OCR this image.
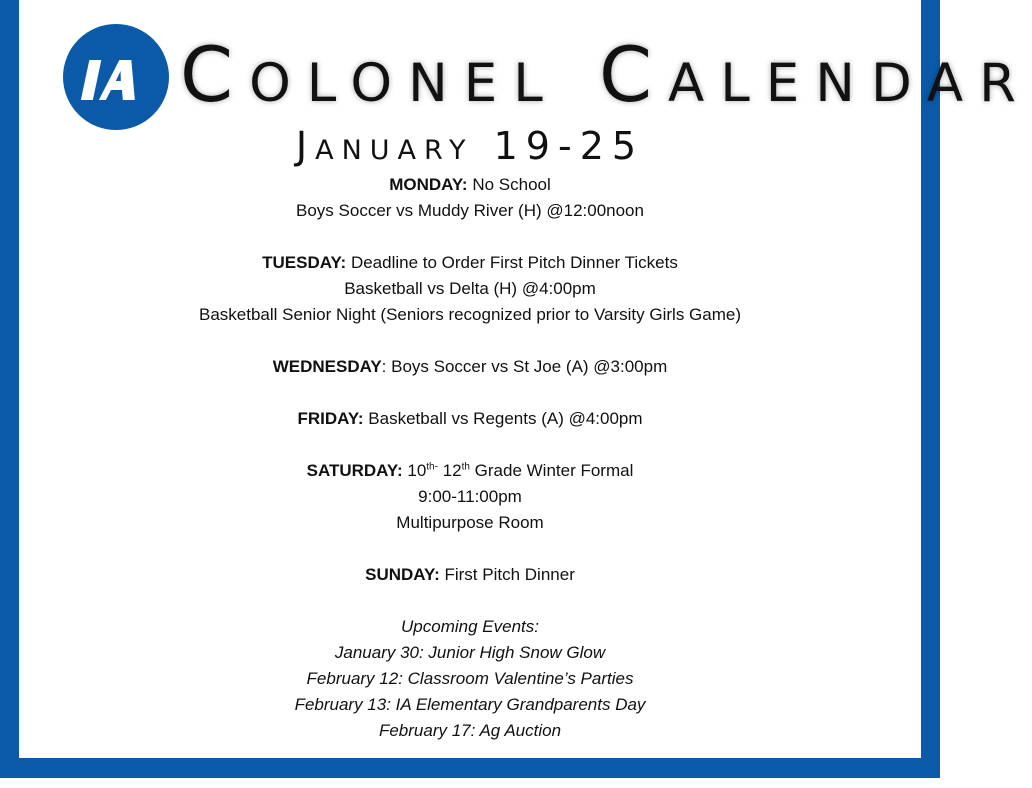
Colonel Calendar
January 19-25
MONDAY: No School
Boys Soccer vs Muddy River (H) @12:00noon
TUESDAY: Deadline to Order First Pitch Dinner Tickets
Basketball vs Delta (H) @4:00pm
Basketball Senior Night (Seniors recognized prior to Varsity Girls Game)
WEDNESDAY: Boys Soccer vs St Joe (A) @3:00pm
FRIDAY: Basketball vs Regents (A) @4:00pm
SATURDAY: $10^{th-}$ 12th Grade Winter Formal
9:00-11:00pm
Multipurpose Room
SUNDAY: First Pitch Dinner
Upcoming Events:
January 30: Junior High Snow Glow
February 12: Classroom Valentine’s Parties
February 13: IA Elementary Grandparents Day
February 17: Ag Auction
